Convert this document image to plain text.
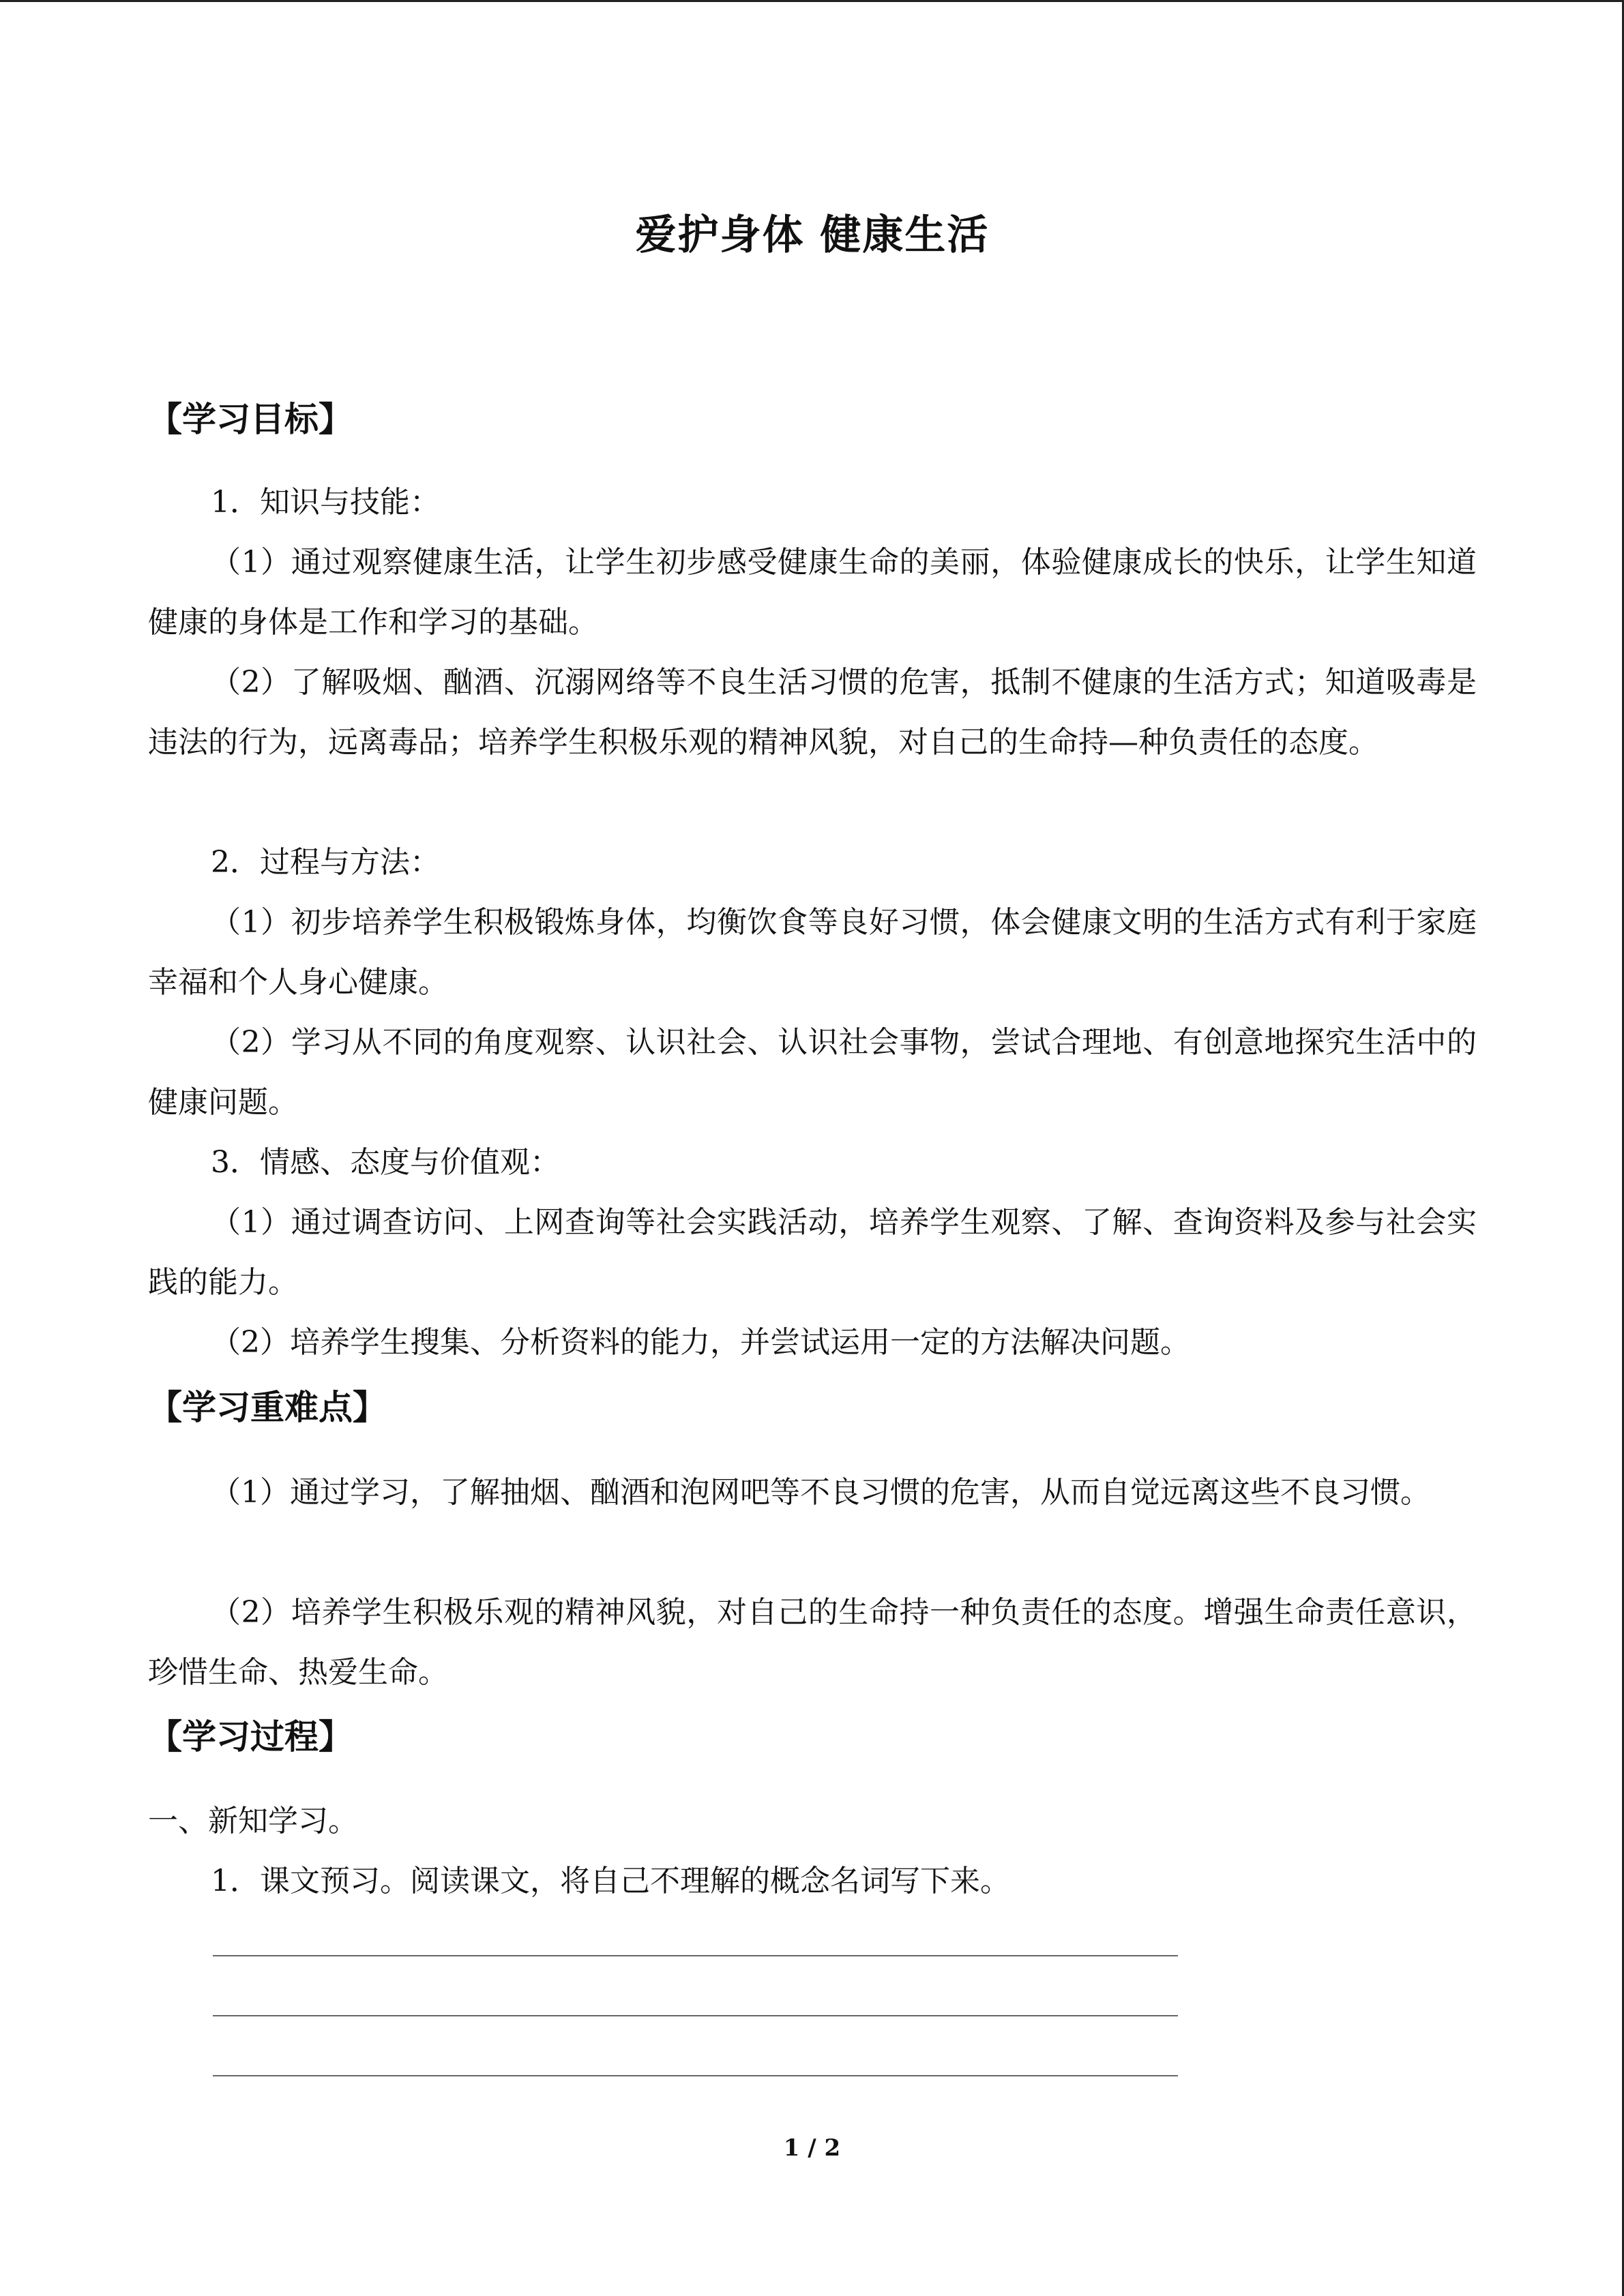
爱护身体 健康生活
【学习目标】
1．知识与技能：
（1）通过观察健康生活，让学生初步感受健康生命的美丽，体验健康成长的快乐，让学生知道健康的身体是工作和学习的基础。
（2）了解吸烟、酗酒、沉溺网络等不良生活习惯的危害，抵制不健康的生活方式；知道吸毒是违法的行为，远离毒品；培养学生积极乐观的精神风貌，对自己的生命持—种负责任的态度。
2．过程与方法：
（1）初步培养学生积极锻炼身体，均衡饮食等良好习惯，体会健康文明的生活方式有利于家庭幸福和个人身心健康。
（2）学习从不同的角度观察、认识社会、认识社会事物，尝试合理地、有创意地探究生活中的健康问题。
3．情感、态度与价值观：
（1）通过调查访问、上网查询等社会实践活动，培养学生观察、了解、查询资料及参与社会实践的能力。
（2）培养学生搜集、分析资料的能力，并尝试运用一定的方法解决问题。
【学习重难点】
（1）通过学习，了解抽烟、酗酒和泡网吧等不良习惯的危害，从而自觉远离这些不良习惯。
（2）培养学生积极乐观的精神风貌，对自己的生命持一种负责任的态度。增强生命责任意识，珍惜生命、热爱生命。
【学习过程】
一、新知学习。
1．课文预习。阅读课文，将自己不理解的概念名词写下来。
1 / 2
